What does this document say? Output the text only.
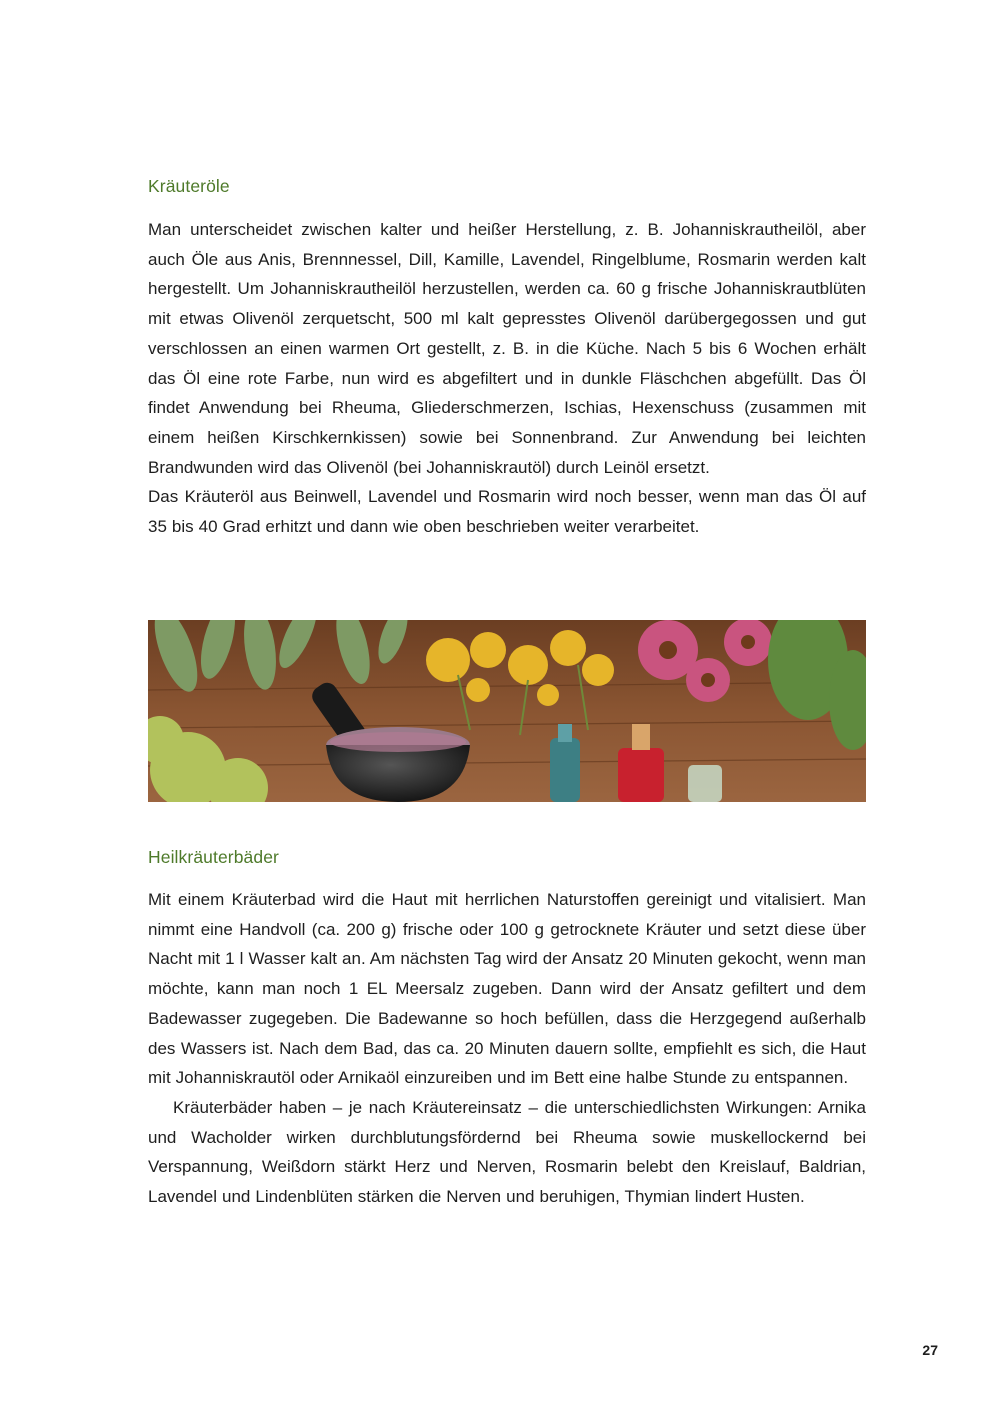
Kräuteröle

Man unterscheidet zwischen kalter und heißer Herstellung, z. B. Johanniskrautheilöl, aber auch Öle aus Anis, Brennnessel, Dill, Kamille, Lavendel, Ringelblume, Rosmarin werden kalt hergestellt. Um Johanniskrautheilöl herzustellen, werden ca. 60 g frische Johanniskrautblüten mit etwas Olivenöl zerquetscht, 500 ml kalt gepresstes Olivenöl darübergegossen und gut verschlossen an einen warmen Ort gestellt, z. B. in die Küche. Nach 5 bis 6 Wochen erhält das Öl eine rote Farbe, nun wird es abgefiltert und in dunkle Fläschchen abgefüllt. Das Öl findet Anwendung bei Rheuma, Gliederschmerzen, Ischias, Hexenschuss (zusammen mit einem heißen Kirschkernkissen) sowie bei Sonnenbrand. Zur Anwendung bei leichten Brandwunden wird das Olivenöl (bei Johanniskrautöl) durch Leinöl ersetzt.

Das Kräuteröl aus Beinwell, Lavendel und Rosmarin wird noch besser, wenn man das Öl auf 35 bis 40 Grad erhitzt und dann wie oben beschrieben weiter verarbeitet.

Heilkräuterbäder

Mit einem Kräuterbad wird die Haut mit herrlichen Naturstoffen gereinigt und vitalisiert. Man nimmt eine Handvoll (ca. 200 g) frische oder 100 g getrocknete Kräuter und setzt diese über Nacht mit 1 l Wasser kalt an. Am nächsten Tag wird der Ansatz 20 Minuten gekocht, wenn man möchte, kann man noch 1 EL Meersalz zugeben. Dann wird der Ansatz gefiltert und dem Badewasser zugegeben. Die Badewanne so hoch befüllen, dass die Herzgegend außerhalb des Wassers ist. Nach dem Bad, das ca. 20 Minuten dauern sollte, empfiehlt es sich, die Haut mit Johanniskrautöl oder Arnikaöl einzureiben und im Bett eine halbe Stunde zu entspannen.

Kräuterbäder haben – je nach Kräutereinsatz – die unterschiedlichsten Wirkungen: Arnika und Wacholder wirken durchblutungsfördernd bei Rheuma sowie muskellockernd bei Verspannung, Weißdorn stärkt Herz und Nerven, Rosmarin belebt den Kreislauf, Baldrian, Lavendel und Lindenblüten stärken die Nerven und beruhigen, Thymian lindert Husten.

27
